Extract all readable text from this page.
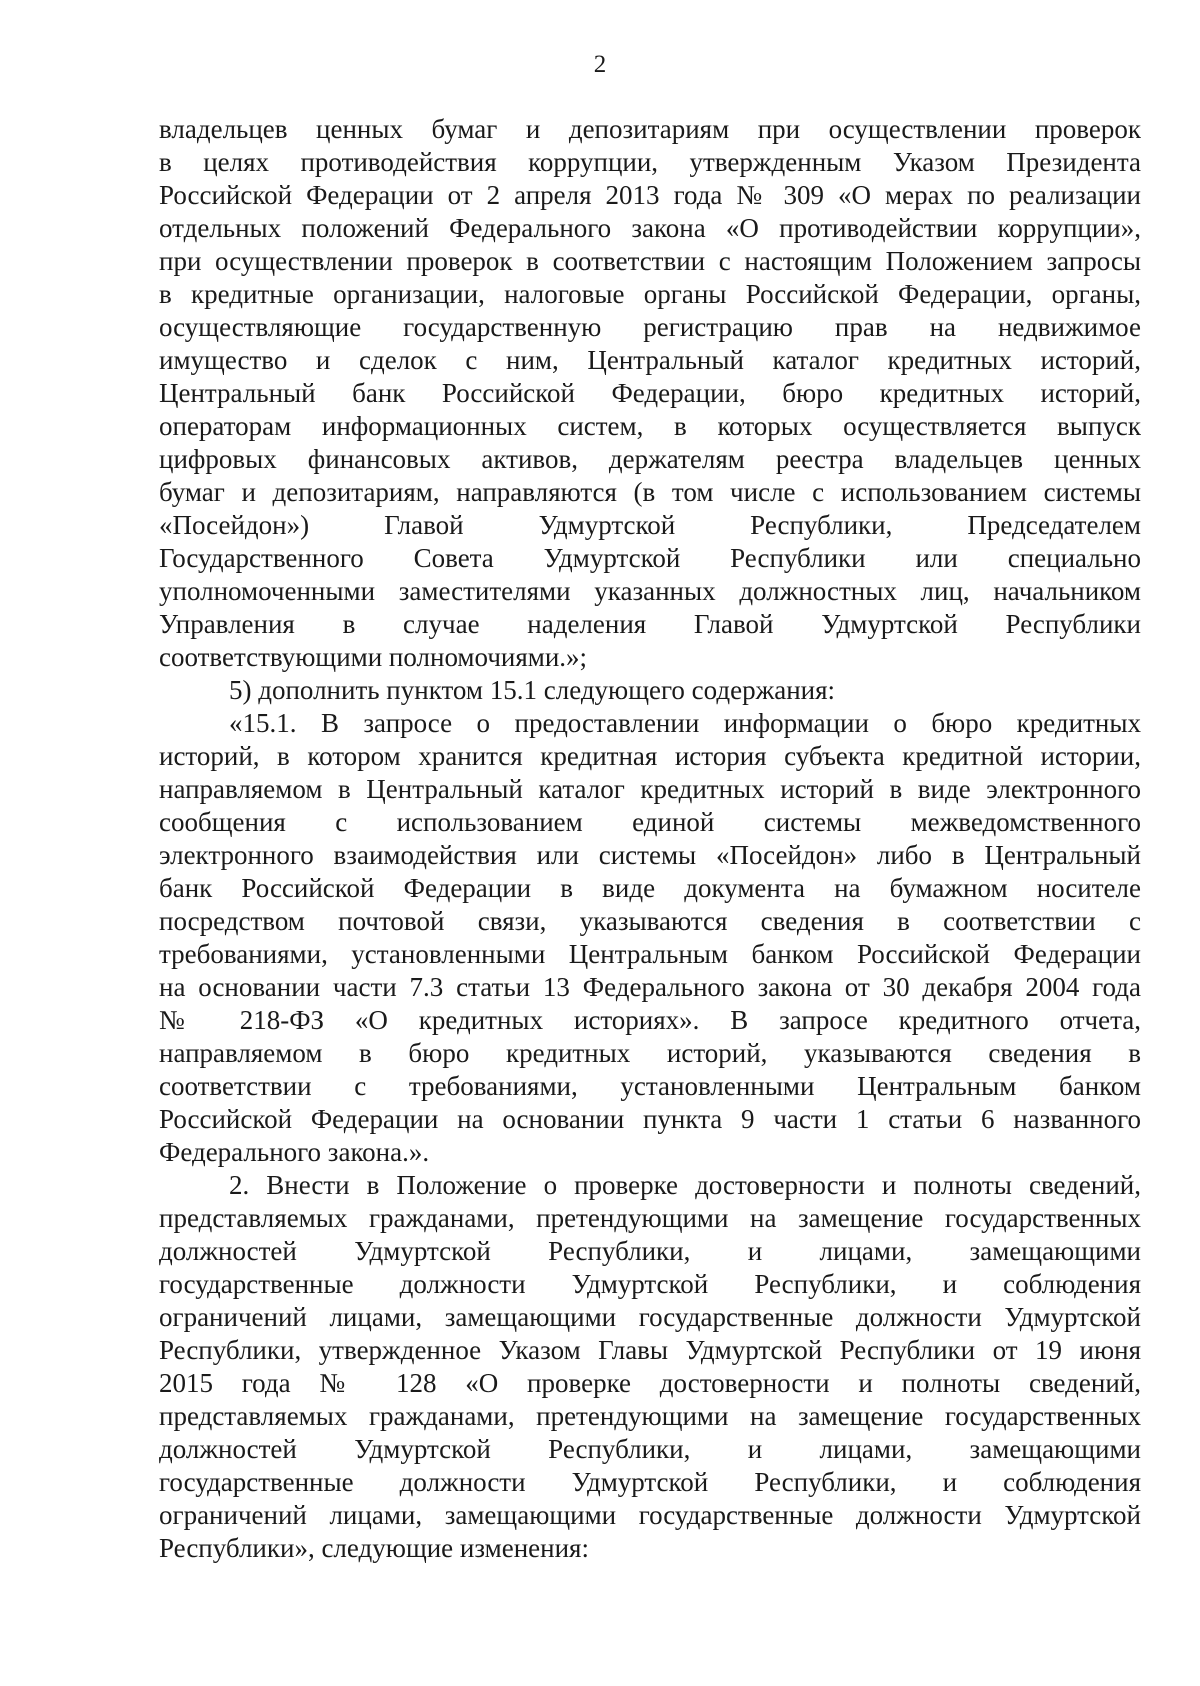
2
владельцев ценных бумаг и депозитариям при осуществлении проверок
в целях противодействия коррупции, утвержденным Указом Президента
Российской Федерации от 2 апреля 2013 года № 309 «О мерах по реализации
отдельных положений Федерального закона «О противодействии коррупции»,
при осуществлении проверок в соответствии с настоящим Положением запросы
в кредитные организации, налоговые органы Российской Федерации, органы,
осуществляющие государственную регистрацию прав на недвижимое
имущество и сделок с ним, Центральный каталог кредитных историй,
Центральный банк Российской Федерации, бюро кредитных историй,
операторам информационных систем, в которых осуществляется выпуск
цифровых финансовых активов, держателям реестра владельцев ценных
бумаг и депозитариям, направляются (в том числе с использованием системы
«Посейдон») Главой Удмуртской Республики, Председателем
Государственного Совета Удмуртской Республики или специально
уполномоченными заместителями указанных должностных лиц, начальником
Управления в случае наделения Главой Удмуртской Республики
соответствующими полномочиями.»;
5) дополнить пунктом 15.1 следующего содержания:
«15.1. В запросе о предоставлении информации о бюро кредитных
историй, в котором хранится кредитная история субъекта кредитной истории,
направляемом в Центральный каталог кредитных историй в виде электронного
сообщения с использованием единой системы межведомственного
электронного взаимодействия или системы «Посейдон» либо в Центральный
банк Российской Федерации в виде документа на бумажном носителе
посредством почтовой связи, указываются сведения в соответствии с
требованиями, установленными Центральным банком Российской Федерации
на основании части 7.3 статьи 13 Федерального закона от 30 декабря 2004 года
№ 218-ФЗ «О кредитных историях». В запросе кредитного отчета,
направляемом в бюро кредитных историй, указываются сведения в
соответствии с требованиями, установленными Центральным банком
Российской Федерации на основании пункта 9 части 1 статьи 6 названного
Федерального закона.».
2. Внести в Положение о проверке достоверности и полноты сведений,
представляемых гражданами, претендующими на замещение государственных
должностей Удмуртской Республики, и лицами, замещающими
государственные должности Удмуртской Республики, и соблюдения
ограничений лицами, замещающими государственные должности Удмуртской
Республики, утвержденное Указом Главы Удмуртской Республики от 19 июня
2015 года № 128 «О проверке достоверности и полноты сведений,
представляемых гражданами, претендующими на замещение государственных
должностей Удмуртской Республики, и лицами, замещающими
государственные должности Удмуртской Республики, и соблюдения
ограничений лицами, замещающими государственные должности Удмуртской
Республики», следующие изменения:
